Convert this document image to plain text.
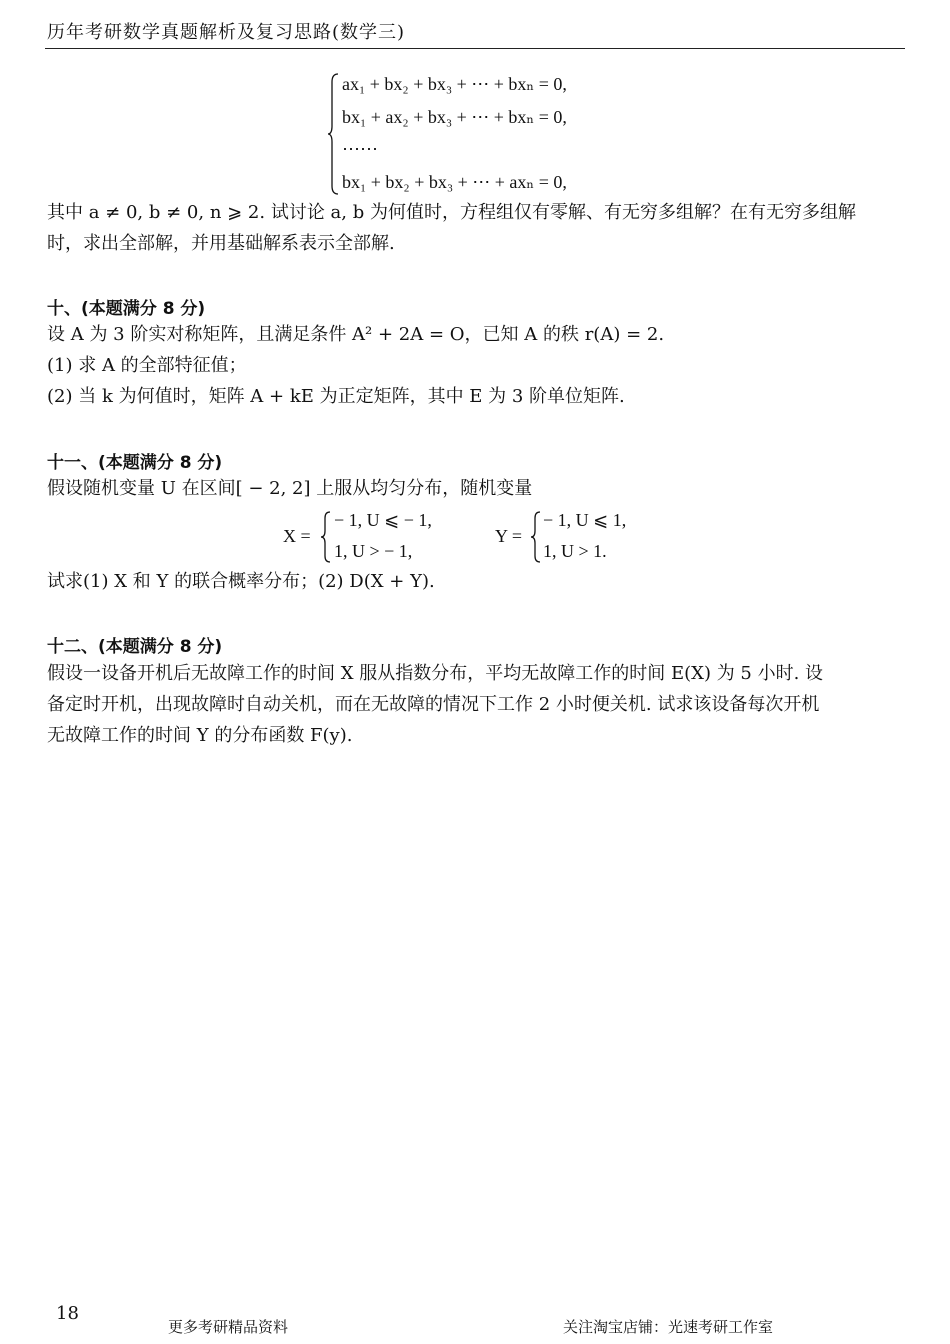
历年考研数学真题解析及复习思路(数学三)
ax₁ + bx₂ + bx₃ + ⋯ + bxₙ = 0,
bx₁ + ax₂ + bx₃ + ⋯ + bxₙ = 0,
⋯⋯
bx₁ + bx₂ + bx₃ + ⋯ + axₙ = 0,
其中 a ≠ 0, b ≠ 0, n ⩾ 2. 试讨论 a, b 为何值时，方程组仅有零解、有无穷多组解？在有无穷多组解
时，求出全部解，并用基础解系表示全部解.
十、(本题满分 8 分)
设 A 为 3 阶实对称矩阵，且满足条件 A² + 2A = O，已知 A 的秩 r(A) = 2.
(1) 求 A 的全部特征值；
(2) 当 k 为何值时，矩阵 A + kE 为正定矩阵，其中 E 为 3 阶单位矩阵.
十一、(本题满分 8 分)
假设随机变量 U 在区间[ − 2, 2] 上服从均匀分布，随机变量
X =
− 1, U ⩽ − 1,
1, U > − 1,
Y =
− 1, U ⩽ 1,
1, U > 1.
试求(1) X 和 Y 的联合概率分布；(2) D(X + Y).
十二、(本题满分 8 分)
假设一设备开机后无故障工作的时间 X 服从指数分布，平均无故障工作的时间 E(X) 为 5 小时. 设
备定时开机，出现故障时自动关机，而在无故障的情况下工作 2 小时便关机. 试求该设备每次开机
无故障工作的时间 Y 的分布函数 F(y).
18
更多考研精品资料	关注淘宝店铺：光速考研工作室
